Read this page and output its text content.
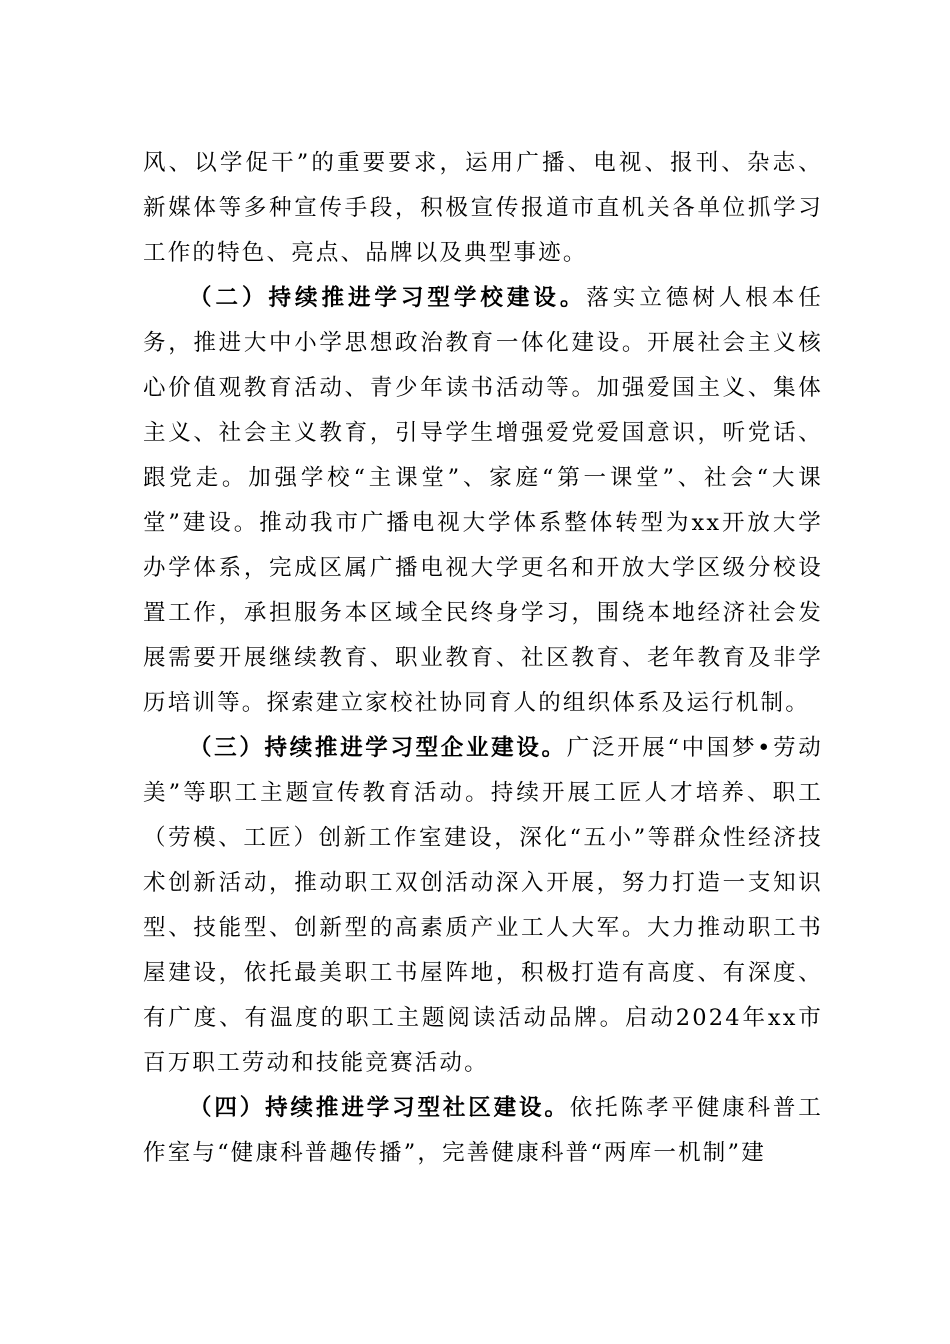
风、以学促干”的重要要求，运用广播、电视、报刊、杂志、新媒体等多种宣传手段，积极宣传报道市直机关各单位抓学习工作的特色、亮点、品牌以及典型事迹。

（二）持续推进学习型学校建设。落实立德树人根本任务，推进大中小学思想政治教育一体化建设。开展社会主义核心价值观教育活动、青少年读书活动等。加强爱国主义、集体主义、社会主义教育，引导学生增强爱党爱国意识，听党话、跟党走。加强学校“主课堂”、家庭“第一课堂”、社会“大课堂”建设。推动我市广播电视大学体系整体转型为xx开放大学办学体系，完成区属广播电视大学更名和开放大学区级分校设置工作，承担服务本区域全民终身学习，围绕本地经济社会发展需要开展继续教育、职业教育、社区教育、老年教育及非学历培训等。探索建立家校社协同育人的组织体系及运行机制。

（三）持续推进学习型企业建设。广泛开展“中国梦•劳动美”等职工主题宣传教育活动。持续开展工匠人才培养、职工（劳模、工匠）创新工作室建设，深化“五小”等群众性经济技术创新活动，推动职工双创活动深入开展，努力打造一支知识型、技能型、创新型的高素质产业工人大军。大力推动职工书屋建设，依托最美职工书屋阵地，积极打造有高度、有深度、有广度、有温度的职工主题阅读活动品牌。启动2024年xx市百万职工劳动和技能竞赛活动。

（四）持续推进学习型社区建设。依托陈孝平健康科普工作室与“健康科普趣传播”，完善健康科普“两库一机制”建
